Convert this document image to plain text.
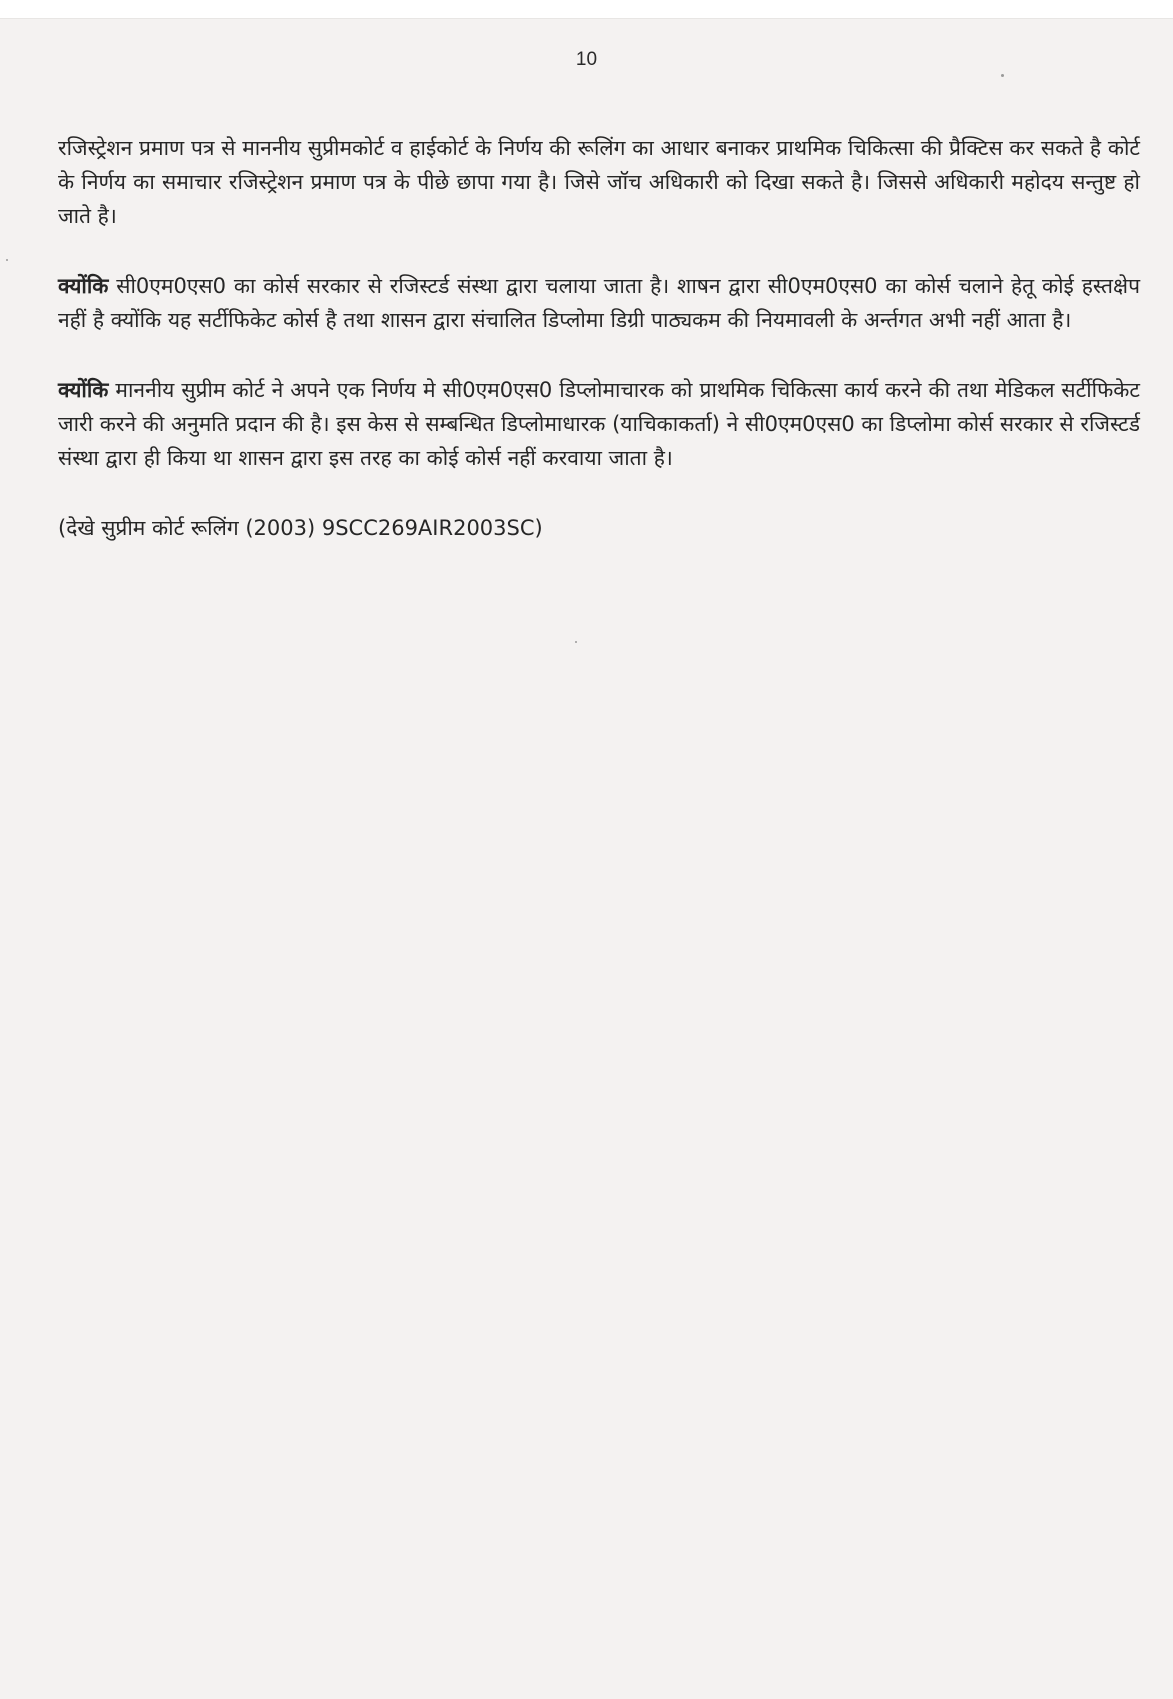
10

रजिस्ट्रेशन प्रमाण पत्र से माननीय सुप्रीमकोर्ट व हाईकोर्ट के निर्णय की रूलिंग का आधार बनाकर प्राथमिक चिकित्सा की प्रैक्टिस कर सकते है कोर्ट के निर्णय का समाचार रजिस्ट्रेशन प्रमाण पत्र के पीछे छापा गया है। जिसे जॉच अधिकारी को दिखा सकते है। जिससे अधिकारी महोदय सन्तुष्ट हो जाते है।

क्योंकि सी0एम0एस0 का कोर्स सरकार से रजिस्टर्ड संस्था द्वारा चलाया जाता है। शाषन द्वारा सी0एम0एस0 का कोर्स चलाने हेतू कोई हस्तक्षेप नहीं है क्योंकि यह सर्टीफिकेट कोर्स है तथा शासन द्वारा संचालित डिप्लोमा डिग्री पाठ्यकम की नियमावली के अर्न्तगत अभी नहीं आता है।

क्योंकि माननीय सुप्रीम कोर्ट ने अपने एक निर्णय मे सी0एम0एस0 डिप्लोमाचारक को प्राथमिक चिकित्सा कार्य करने की तथा मेडिकल सर्टीफिकेट जारी करने की अनुमति प्रदान की है। इस केस से सम्बन्धित डिप्लोमाधारक (याचिकाकर्ता) ने सी0एम0एस0 का डिप्लोमा कोर्स सरकार से रजिस्टर्ड संस्था द्वारा ही किया था शासन द्वारा इस तरह का कोई कोर्स नहीं करवाया जाता है।

(देखे सुप्रीम कोर्ट रूलिंग (2003) 9SCC269AIR2003SC)
